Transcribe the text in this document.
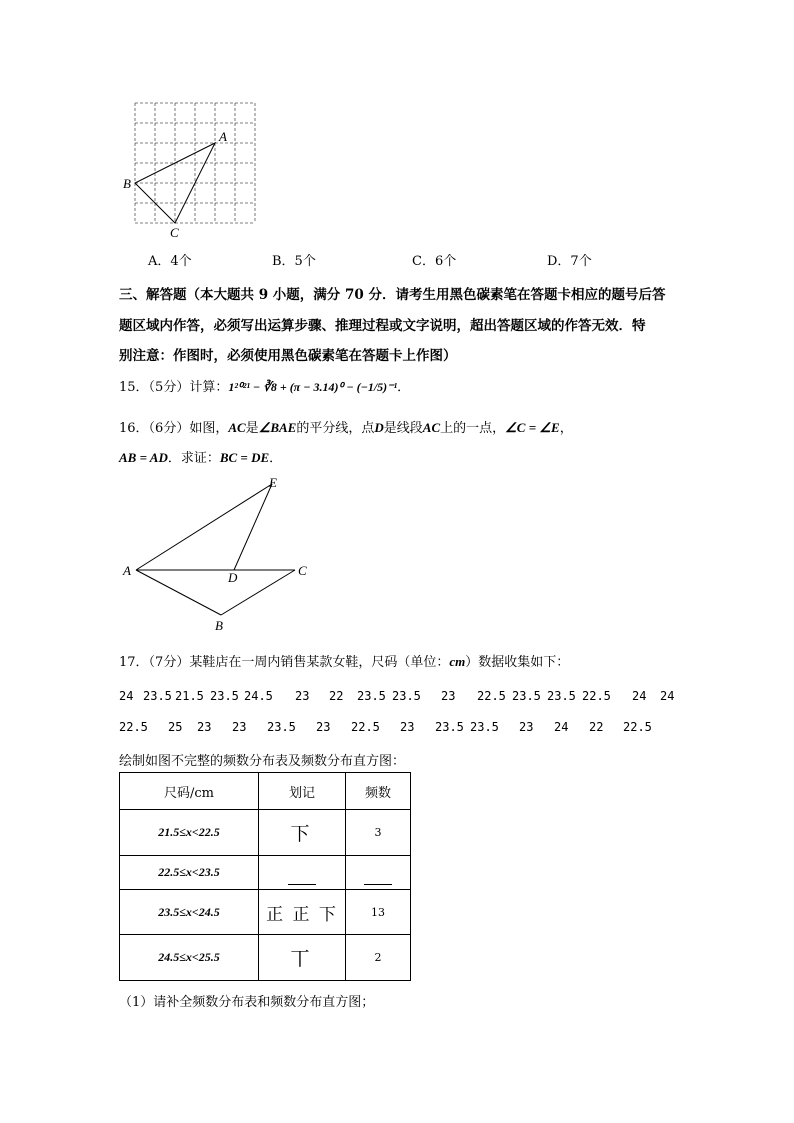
A
B
C
A．4个	B．5个	C．6个	D．7个
三、解答题（本大题共 9 小题，满分 70 分．请考生用黑色碳素笔在答题卡相应的题号后答
题区域内作答，必须写出运算步骤、推理过程或文字说明，超出答题区域的作答无效．特
别注意：作图时，必须使用黑色碳素笔在答题卡上作图）
15．（5分）计算：1²⁰²¹ − ∛8 + (π − 3.14)⁰ − (−1/5)⁻¹．
16．（6分）如图，AC是∠BAE的平分线，点D是线段AC上的一点，∠C = ∠E，
AB = AD．求证：BC = DE．
E
A	D	C
B
17．（7分）某鞋店在一周内销售某款女鞋，尺码（单位：cm）数据收集如下：
24 23.5 21.5 23.5 24.5 23 22 23.5 23.5 23 22.5 23.5 23.5 22.5 24 24
22.5 25 23 23 23.5 23 22.5 23 23.5 23.5 23 24 22 22.5
绘制如图不完整的频数分布表及频数分布直方图：
尺码/cm	划记	频数
21.5≤x<22.5	下	3
22.5≤x<23.5		
23.5≤x<24.5	正 正 下	13
24.5≤x<25.5	丅	2
（1）请补全频数分布表和频数分布直方图；
